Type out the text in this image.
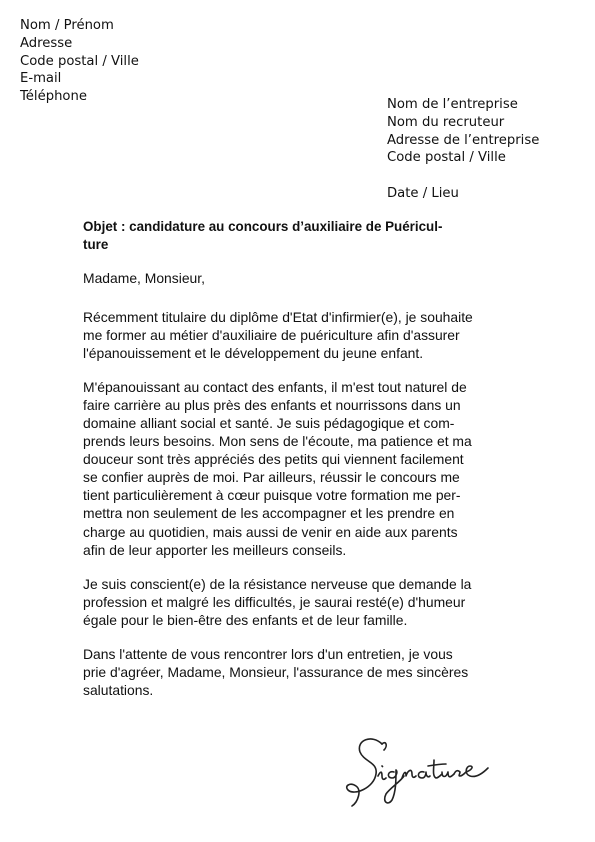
Nom / Prénom
Adresse
Code postal / Ville
E-mail
Téléphone
Nom de l’entreprise
Nom du recruteur
Adresse de l’entreprise
Code postal / Ville
Date / Lieu
Objet : candidature au concours d’auxiliaire de Puéricul-
ture

Madame, Monsieur,

Récemment titulaire du diplôme d'Etat d'infirmier(e), je souhaite
me former au métier d'auxiliaire de puériculture afin d'assurer
l'épanouissement et le développement du jeune enfant.

M'épanouissant au contact des enfants, il m'est tout naturel de
faire carrière au plus près des enfants et nourrissons dans un
domaine alliant social et santé. Je suis pédagogique et com-
prends leurs besoins. Mon sens de l'écoute, ma patience et ma
douceur sont très appréciés des petits qui viennent facilement
se confier auprès de moi. Par ailleurs, réussir le concours me
tient particulièrement à cœur puisque votre formation me per-
mettra non seulement de les accompagner et les prendre en
charge au quotidien, mais aussi de venir en aide aux parents
afin de leur apporter les meilleurs conseils.

Je suis conscient(e) de la résistance nerveuse que demande la
profession et malgré les difficultés, je saurai resté(e) d'humeur
égale pour le bien-être des enfants et de leur famille.

Dans l'attente de vous rencontrer lors d'un entretien, je vous
prie d'agréer, Madame, Monsieur, l'assurance de mes sincères
salutations.
